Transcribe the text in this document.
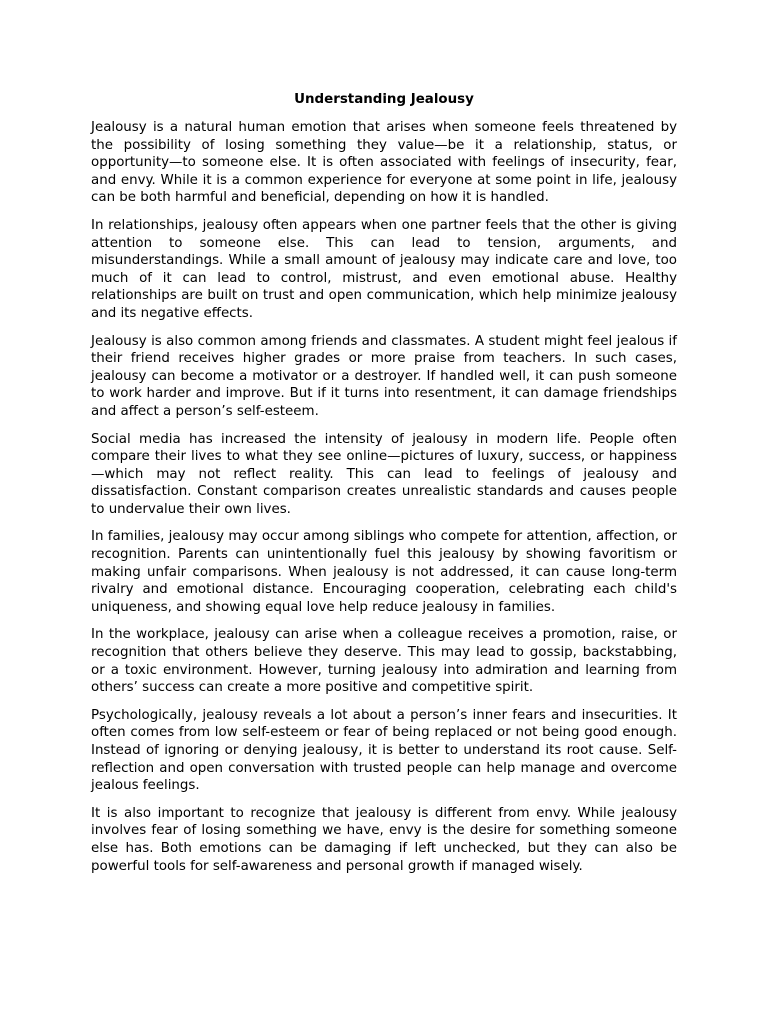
Understanding Jealousy

Jealousy is a natural human emotion that arises when someone feels threatened by the possibility of losing something they value—be it a relationship, status, or opportunity—to someone else. It is often associated with feelings of insecurity, fear, and envy. While it is a common experience for everyone at some point in life, jealousy can be both harmful and beneficial, depending on how it is handled.

In relationships, jealousy often appears when one partner feels that the other is giving attention to someone else. This can lead to tension, arguments, and misunderstandings. While a small amount of jealousy may indicate care and love, too much of it can lead to control, mistrust, and even emotional abuse. Healthy relationships are built on trust and open communication, which help minimize jealousy and its negative effects.

Jealousy is also common among friends and classmates. A student might feel jealous if their friend receives higher grades or more praise from teachers. In such cases, jealousy can become a motivator or a destroyer. If handled well, it can push someone to work harder and improve. But if it turns into resentment, it can damage friendships and affect a person’s self-esteem.

Social media has increased the intensity of jealousy in modern life. People often compare their lives to what they see online—pictures of luxury, success, or happiness—which may not reflect reality. This can lead to feelings of jealousy and dissatisfaction. Constant comparison creates unrealistic standards and causes people to undervalue their own lives.

In families, jealousy may occur among siblings who compete for attention, affection, or recognition. Parents can unintentionally fuel this jealousy by showing favoritism or making unfair comparisons. When jealousy is not addressed, it can cause long-term rivalry and emotional distance. Encouraging cooperation, celebrating each child's uniqueness, and showing equal love help reduce jealousy in families.

In the workplace, jealousy can arise when a colleague receives a promotion, raise, or recognition that others believe they deserve. This may lead to gossip, backstabbing, or a toxic environment. However, turning jealousy into admiration and learning from others’ success can create a more positive and competitive spirit.

Psychologically, jealousy reveals a lot about a person’s inner fears and insecurities. It often comes from low self-esteem or fear of being replaced or not being good enough. Instead of ignoring or denying jealousy, it is better to understand its root cause. Self-reflection and open conversation with trusted people can help manage and overcome jealous feelings.

It is also important to recognize that jealousy is different from envy. While jealousy involves fear of losing something we have, envy is the desire for something someone else has. Both emotions can be damaging if left unchecked, but they can also be powerful tools for self-awareness and personal growth if managed wisely.
